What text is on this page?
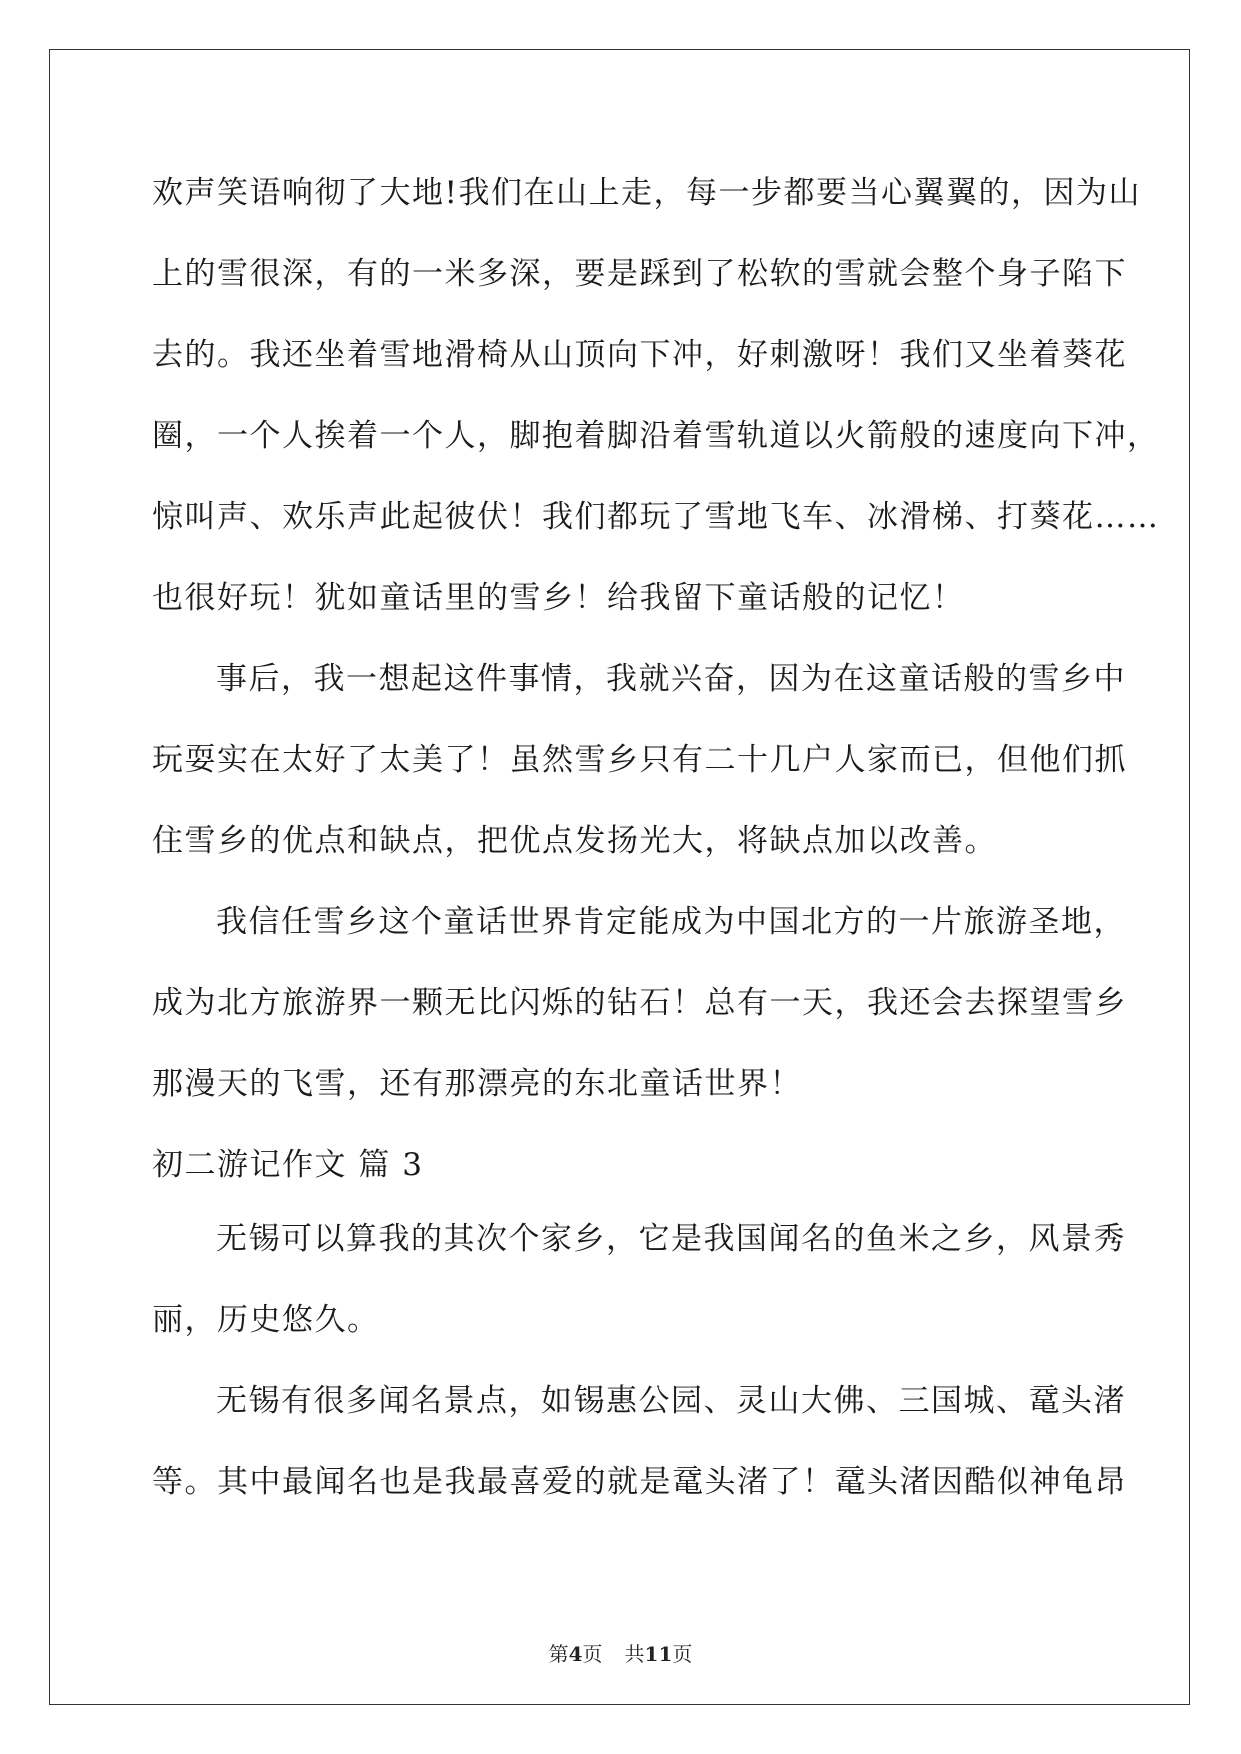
欢声笑语响彻了大地!我们在山上走，每一步都要当心翼翼的，因为山
上的雪很深，有的一米多深，要是踩到了松软的雪就会整个身子陷下
去的。我还坐着雪地滑椅从山顶向下冲，好刺激呀！我们又坐着葵花
圈，一个人挨着一个人，脚抱着脚沿着雪轨道以火箭般的速度向下冲，
惊叫声、欢乐声此起彼伏！我们都玩了雪地飞车、冰滑梯、打葵花……
也很好玩！犹如童话里的雪乡！给我留下童话般的记忆！
事后，我一想起这件事情，我就兴奋，因为在这童话般的雪乡中
玩耍实在太好了太美了！虽然雪乡只有二十几户人家而已，但他们抓
住雪乡的优点和缺点，把优点发扬光大，将缺点加以改善。
我信任雪乡这个童话世界肯定能成为中国北方的一片旅游圣地，
成为北方旅游界一颗无比闪烁的钻石！总有一天，我还会去探望雪乡
那漫天的飞雪，还有那漂亮的东北童话世界！
初二游记作文 篇 3
无锡可以算我的其次个家乡，它是我国闻名的鱼米之乡，风景秀
丽，历史悠久。
无锡有很多闻名景点，如锡惠公园、灵山大佛、三国城、鼋头渚
等。其中最闻名也是我最喜爱的就是鼋头渚了！鼋头渚因酷似神龟昂
第4页 共11页
